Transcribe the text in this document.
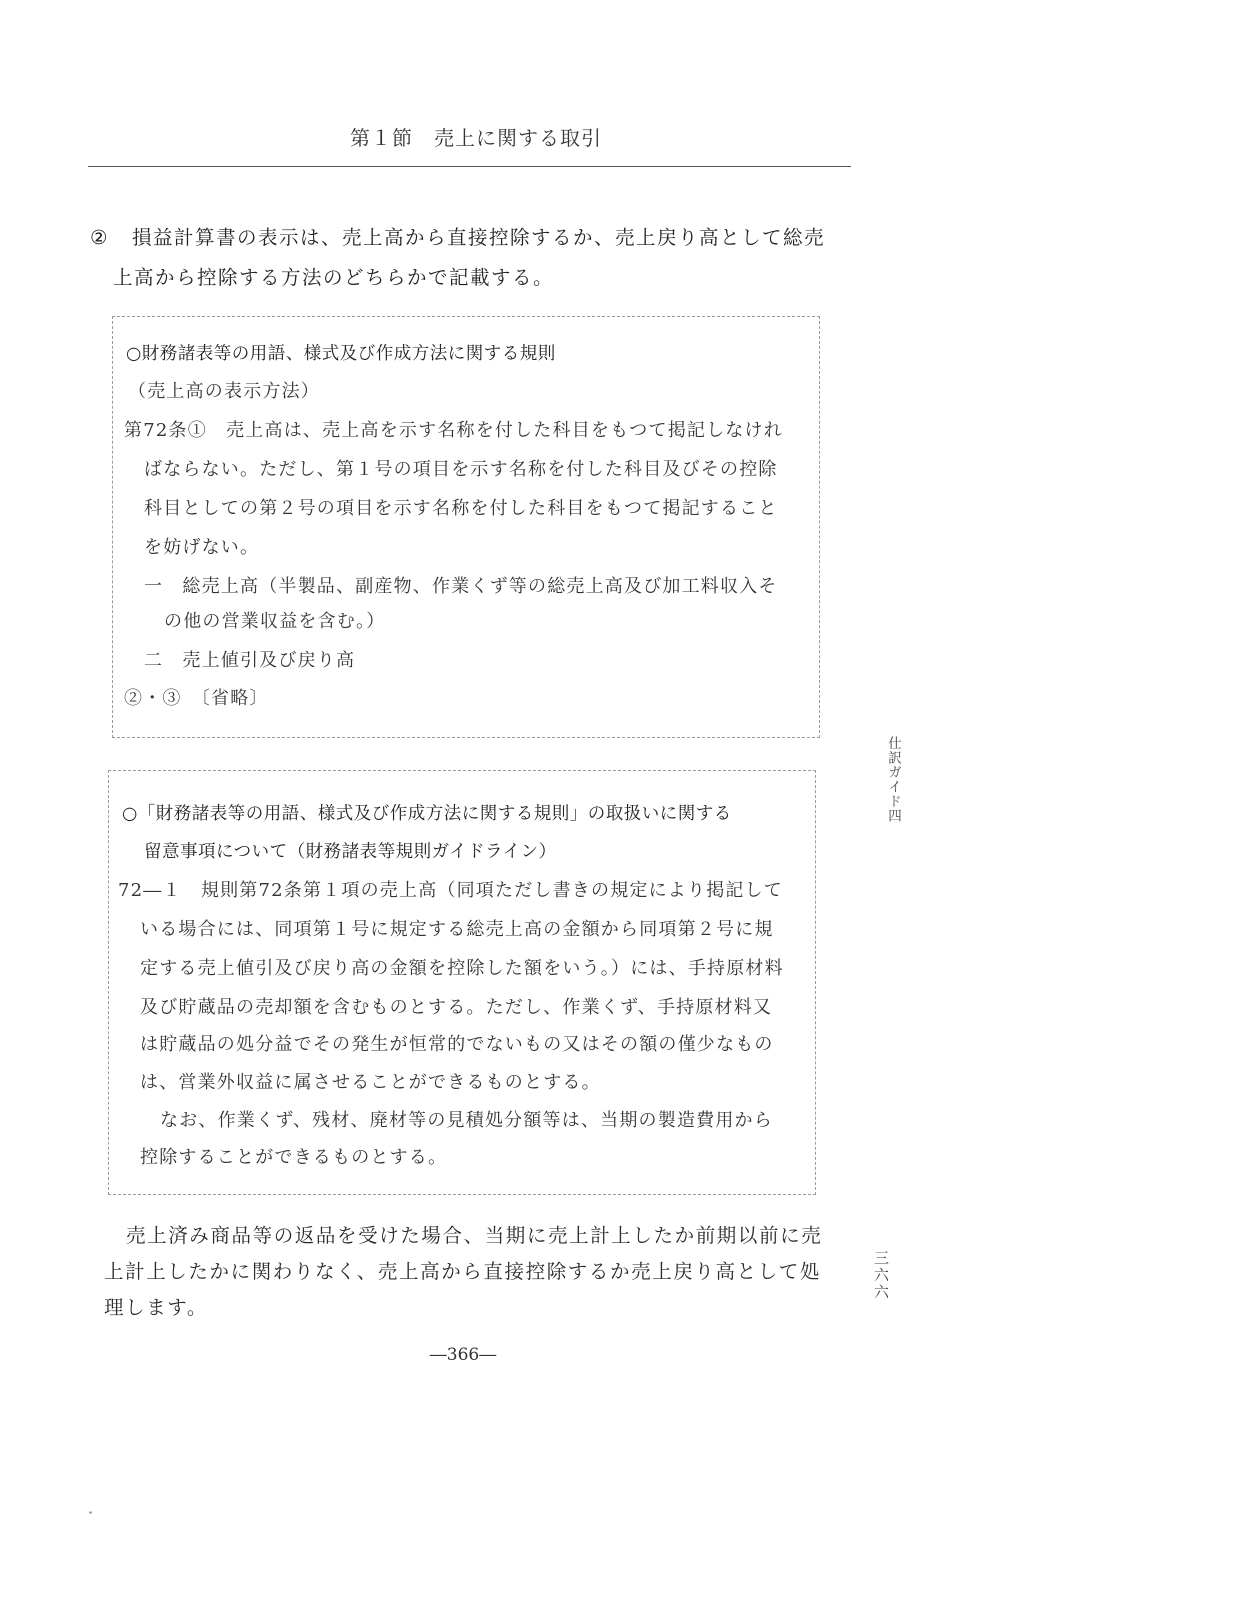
第１節　売上に関する取引
② 損益計算書の表示は、売上高から直接控除するか、売上戻り高として総売
上高から控除する方法のどちらかで記載する。
○財務諸表等の用語、様式及び作成方法に関する規則
（売上高の表示方法）
第72条①　売上高は、売上高を示す名称を付した科目をもつて掲記しなけれ
ばならない。ただし、第１号の項目を示す名称を付した科目及びその控除
科目としての第２号の項目を示す名称を付した科目をもつて掲記すること
を妨げない。
一　総売上高（半製品、副産物、作業くず等の総売上高及び加工料収入そ
の他の営業収益を含む。）
二　売上値引及び戻り高
②・③　〔省略〕
○「財務諸表等の用語、様式及び作成方法に関する規則」の取扱いに関する
留意事項について（財務諸表等規則ガイドライン）
72―１　規則第72条第１項の売上高（同項ただし書きの規定により掲記して
いる場合には、同項第１号に規定する総売上高の金額から同項第２号に規
定する売上値引及び戻り高の金額を控除した額をいう。）には、手持原材料
及び貯蔵品の売却額を含むものとする。ただし、作業くず、手持原材料又
は貯蔵品の処分益でその発生が恒常的でないもの又はその額の僅少なもの
は、営業外収益に属させることができるものとする。
なお、作業くず、残材、廃材等の見積処分額等は、当期の製造費用から
控除することができるものとする。
売上済み商品等の返品を受けた場合、当期に売上計上したか前期以前に売
上計上したかに関わりなく、売上高から直接控除するか売上戻り高として処
理します。
―366―
仕訳ガイド四
三六六
ˇ
